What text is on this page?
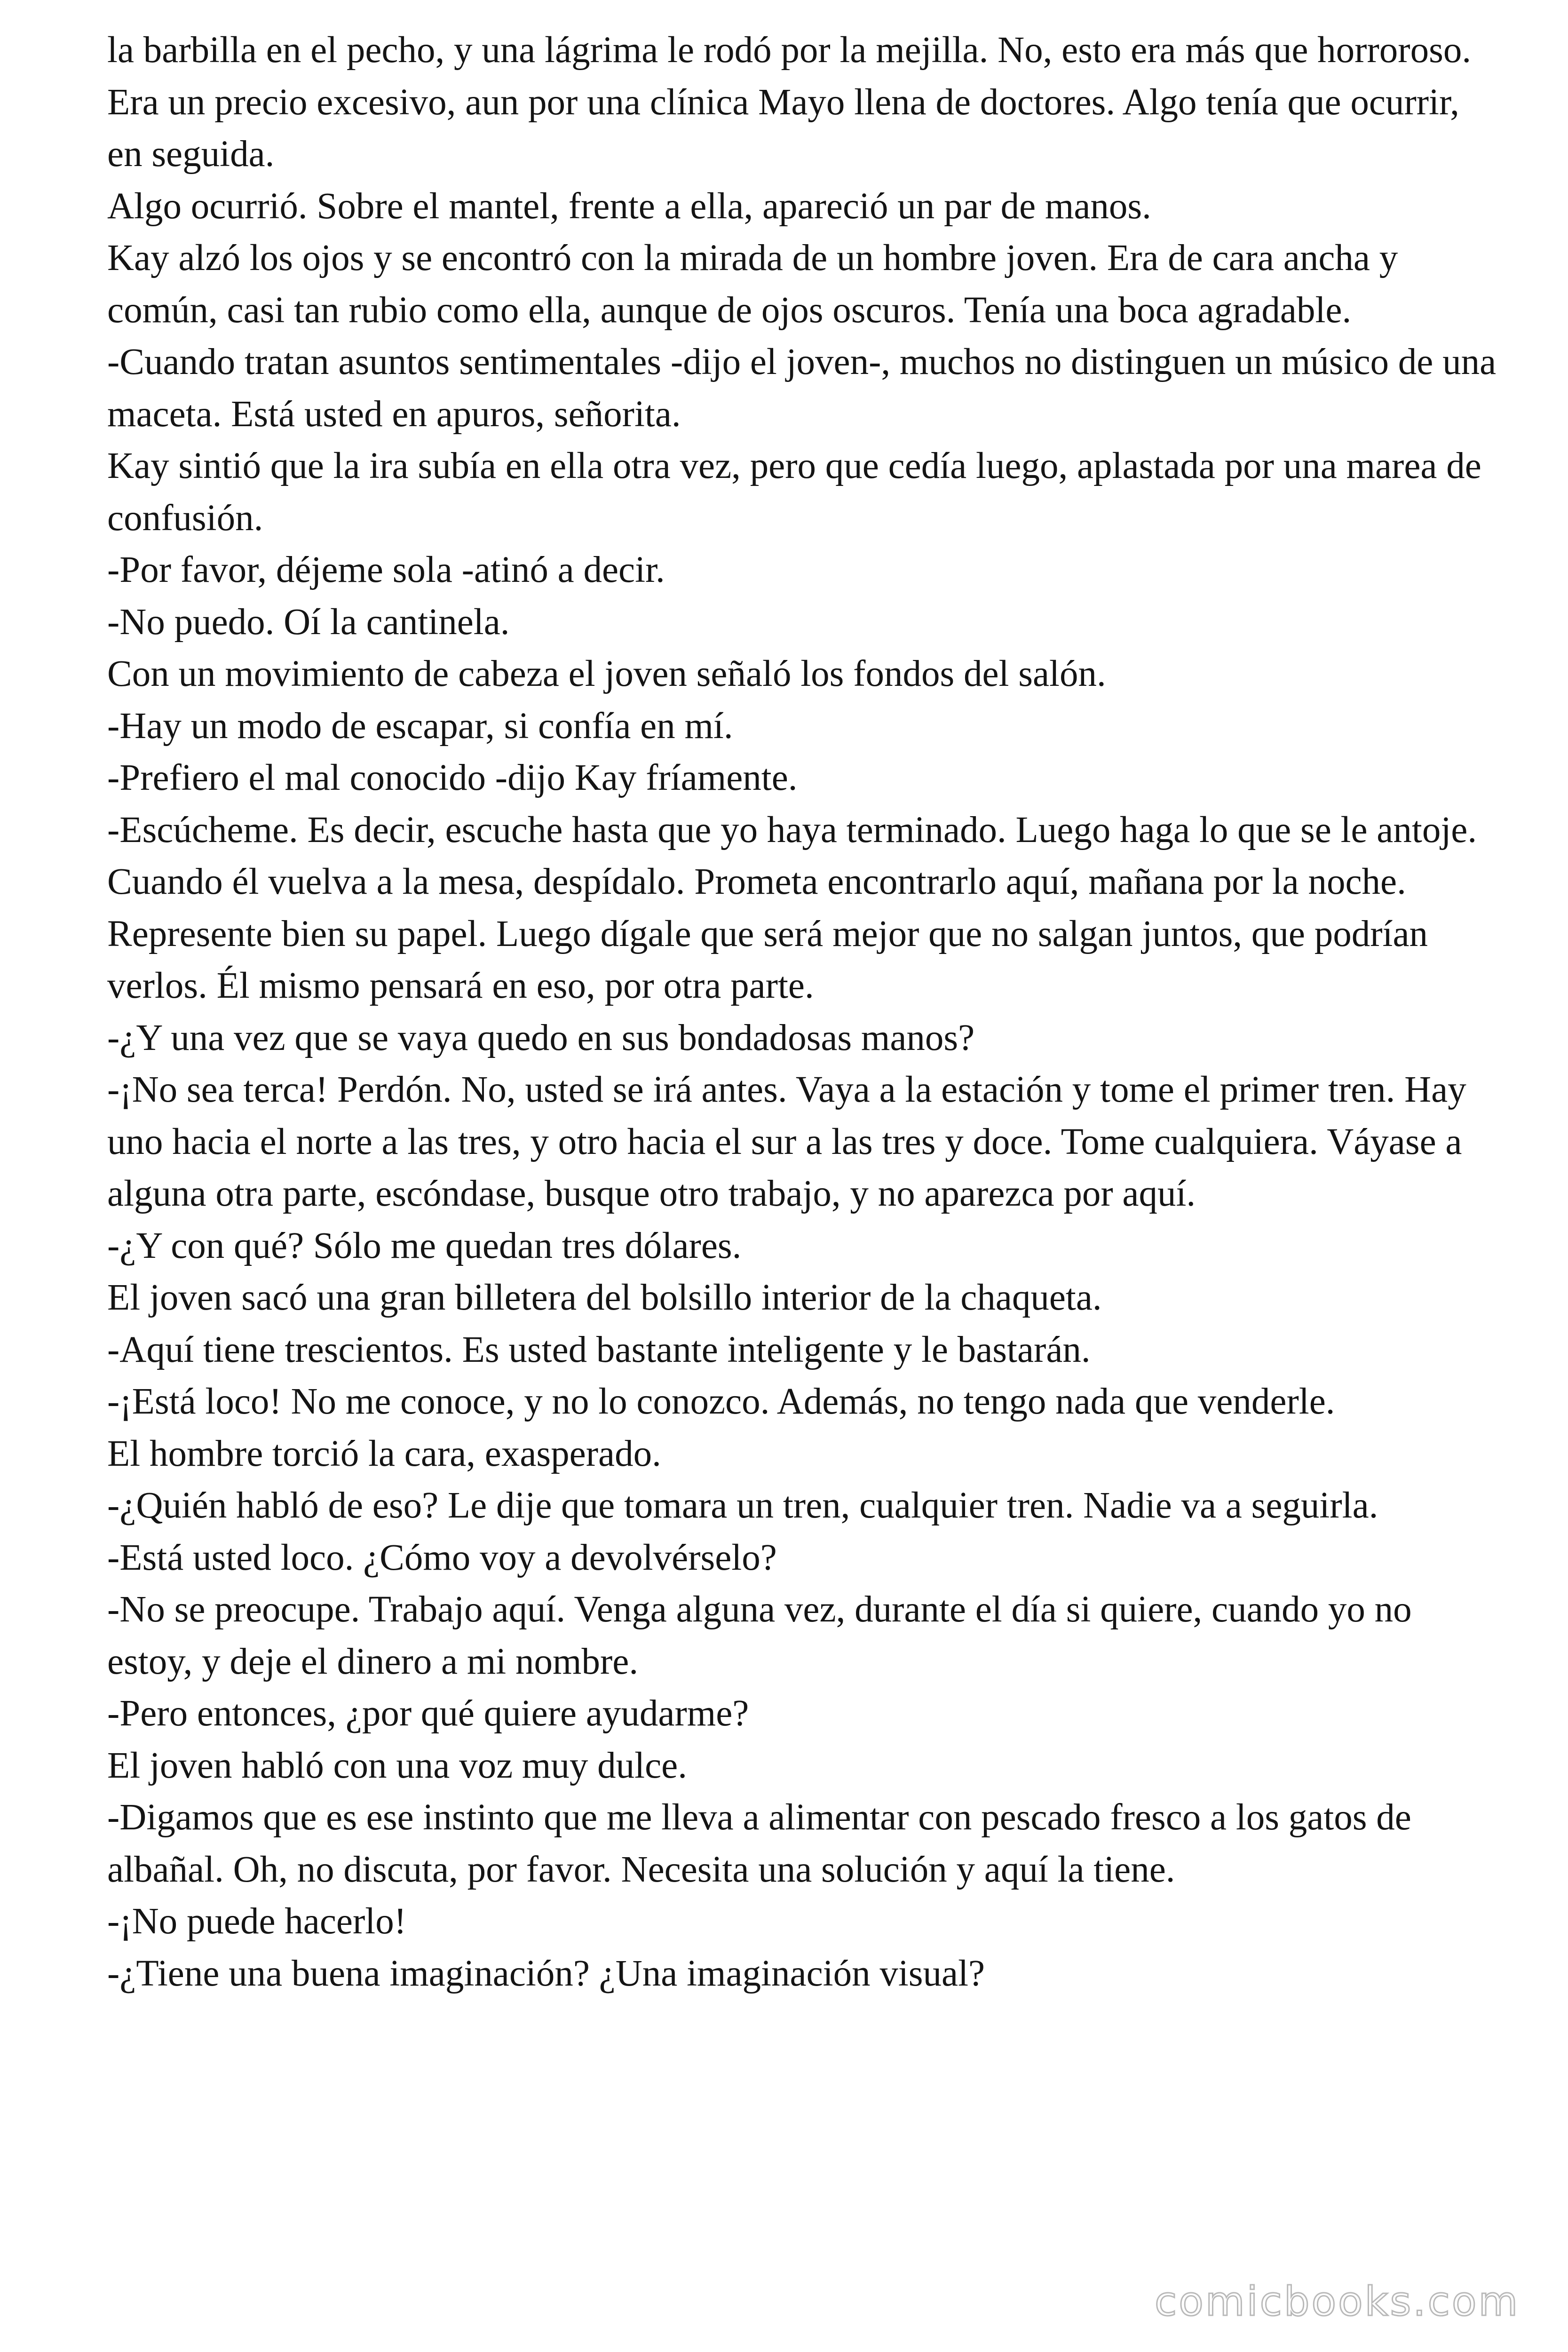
la barbilla en el pecho, y una lágrima le rodó por la mejilla. No, esto era más que horroroso. Era un precio excesivo, aun por una clínica Mayo llena de doctores. Algo tenía que ocurrir, en seguida.

Algo ocurrió. Sobre el mantel, frente a ella, apareció un par de manos.

Kay alzó los ojos y se encontró con la mirada de un hombre joven. Era de cara ancha y común, casi tan rubio como ella, aunque de ojos oscuros. Tenía una boca agradable.

-Cuando tratan asuntos sentimentales -dijo el joven-, muchos no distinguen un músico de una maceta. Está usted en apuros, señorita.

Kay sintió que la ira subía en ella otra vez, pero que cedía luego, aplastada por una marea de confusión.

-Por favor, déjeme sola -atinó a decir.

-No puedo. Oí la cantinela.

Con un movimiento de cabeza el joven señaló los fondos del salón.

-Hay un modo de escapar, si confía en mí.

-Prefiero el mal conocido -dijo Kay fríamente.

-Escúcheme. Es decir, escuche hasta que yo haya terminado. Luego haga lo que se le antoje. Cuando él vuelva a la mesa, despídalo. Prometa encontrarlo aquí, mañana por la noche. Represente bien su papel. Luego dígale que será mejor que no salgan juntos, que podrían verlos. Él mismo pensará en eso, por otra parte.

-¿Y una vez que se vaya quedo en sus bondadosas manos?

-¡No sea terca! Perdón. No, usted se irá antes. Vaya a la estación y tome el primer tren. Hay uno hacia el norte a las tres, y otro hacia el sur a las tres y doce. Tome cualquiera. Váyase a alguna otra parte, escóndase, busque otro trabajo, y no aparezca por aquí.

-¿Y con qué? Sólo me quedan tres dólares.

El joven sacó una gran billetera del bolsillo interior de la chaqueta.

-Aquí tiene trescientos. Es usted bastante inteligente y le bastarán.

-¡Está loco! No me conoce, y no lo conozco. Además, no tengo nada que venderle.

El hombre torció la cara, exasperado.

-¿Quién habló de eso? Le dije que tomara un tren, cualquier tren. Nadie va a seguirla.

-Está usted loco. ¿Cómo voy a devolvérselo?

-No se preocupe. Trabajo aquí. Venga alguna vez, durante el día si quiere, cuando yo no estoy, y deje el dinero a mi nombre.

-Pero entonces, ¿por qué quiere ayudarme?

El joven habló con una voz muy dulce.

-Digamos que es ese instinto que me lleva a alimentar con pescado fresco a los gatos de albañal. Oh, no discuta, por favor. Necesita una solución y aquí la tiene.

-¡No puede hacerlo!

-¿Tiene una buena imaginación? ¿Una imaginación visual?

comicbooks.com
